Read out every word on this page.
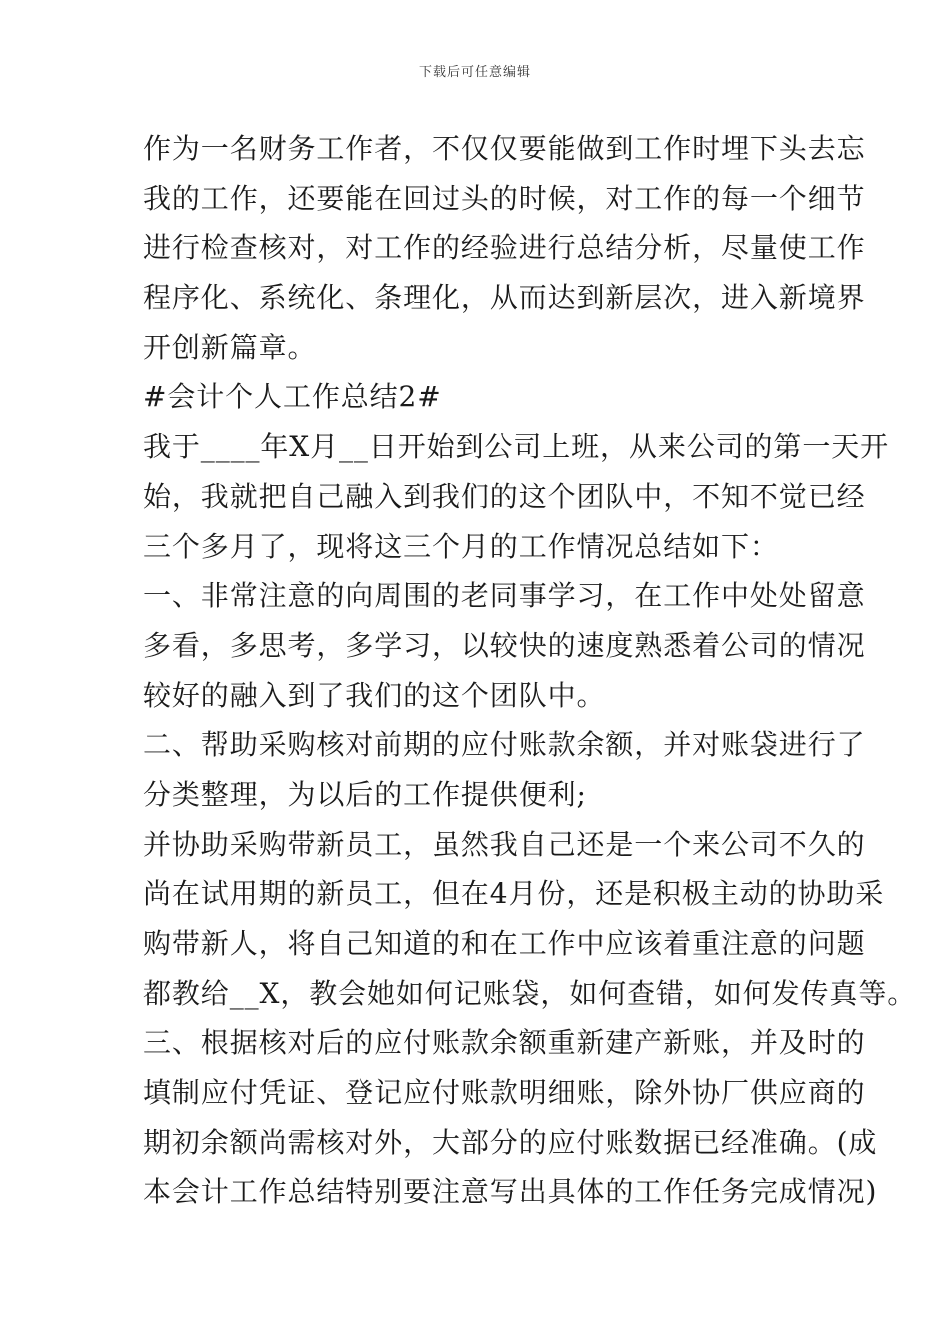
下载后可任意编辑
作为一名财务工作者，不仅仅要能做到工作时埋下头去忘
我的工作，还要能在回过头的时候，对工作的每一个细节
进行检查核对，对工作的经验进行总结分析，尽量使工作
程序化、系统化、条理化，从而达到新层次，进入新境界
开创新篇章。
#会计个人工作总结2#
我于____年X月__日开始到公司上班，从来公司的第一天开
始，我就把自己融入到我们的这个团队中，不知不觉已经
三个多月了，现将这三个月的工作情况总结如下：
一、非常注意的向周围的老同事学习，在工作中处处留意
多看，多思考，多学习，以较快的速度熟悉着公司的情况
较好的融入到了我们的这个团队中。
二、帮助采购核对前期的应付账款余额，并对账袋进行了
分类整理，为以后的工作提供便利;
并协助采购带新员工，虽然我自己还是一个来公司不久的
尚在试用期的新员工，但在4月份，还是积极主动的协助采
购带新人，将自己知道的和在工作中应该着重注意的问题
都教给__X，教会她如何记账袋，如何查错，如何发传真等。
三、根据核对后的应付账款余额重新建产新账，并及时的
填制应付凭证、登记应付账款明细账，除外协厂供应商的
期初余额尚需核对外，大部分的应付账数据已经准确。(成
本会计工作总结特别要注意写出具体的工作任务完成情况)
